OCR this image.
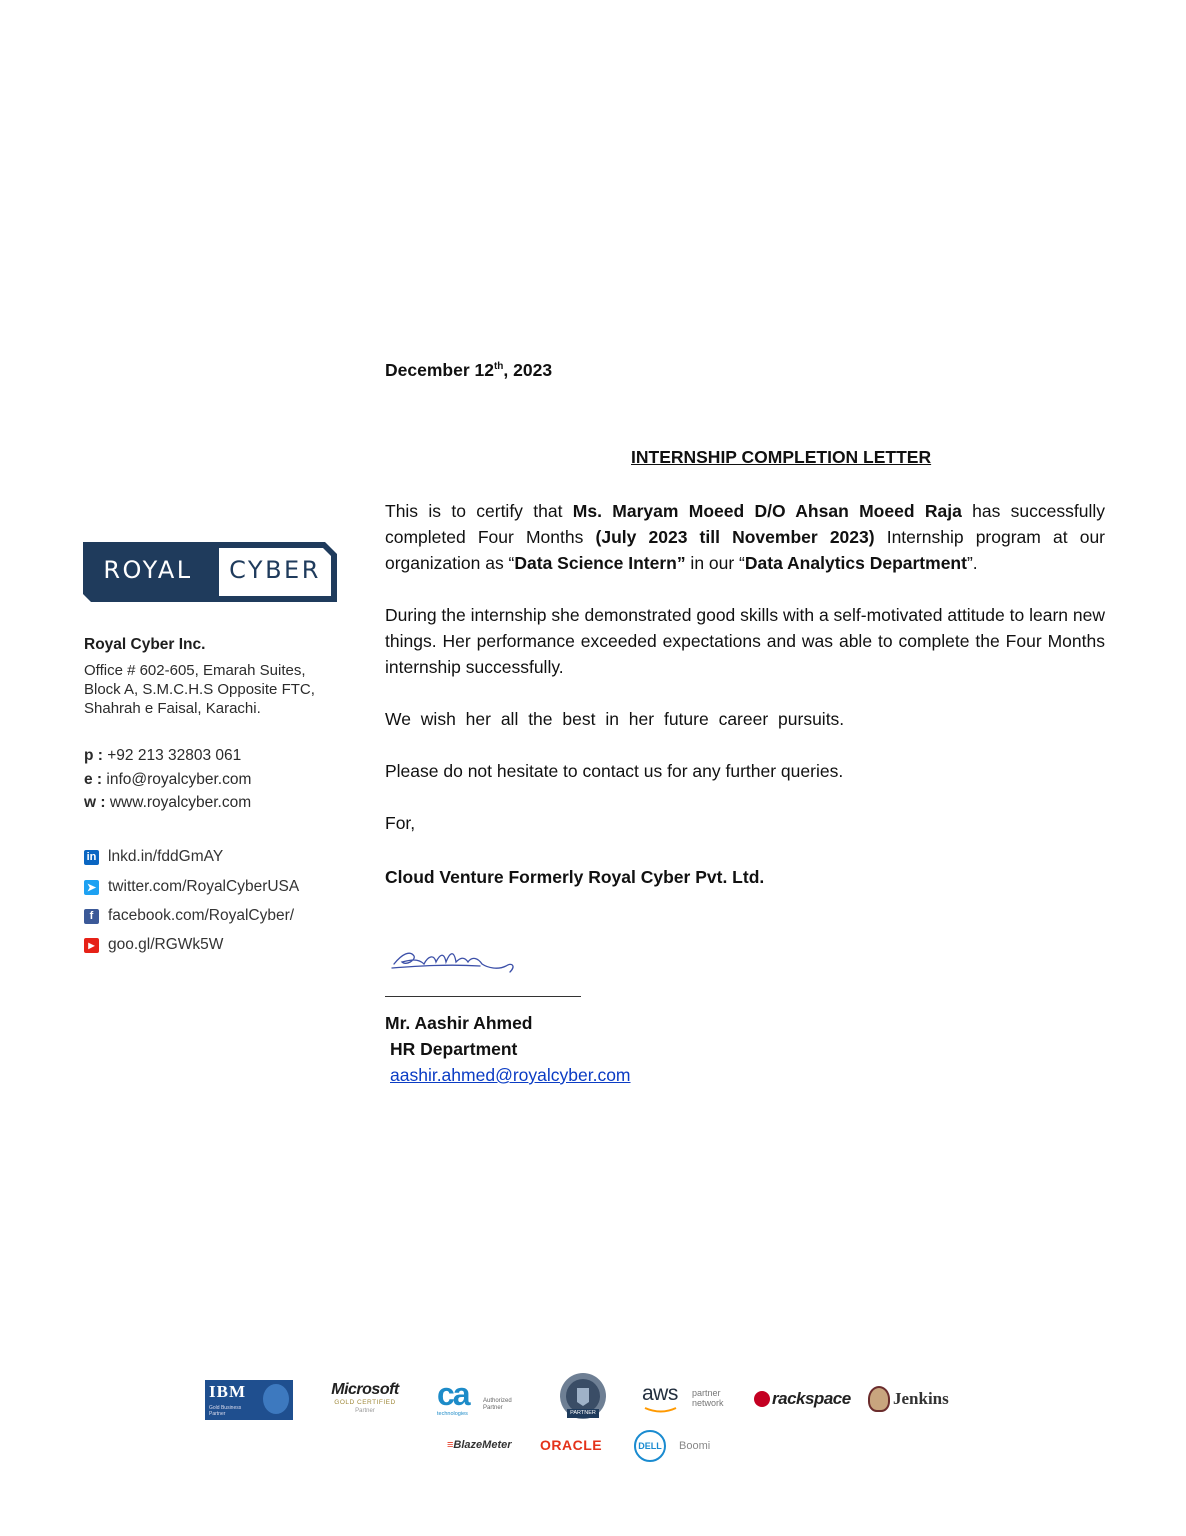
December 12th, 2023
INTERNSHIP COMPLETION LETTER
This is to certify that Ms. Maryam Moeed D/O Ahsan Moeed Raja has successfully completed Four Months (July 2023 till November 2023) Internship program at our organization as “Data Science Intern” in our “Data Analytics Department”.
During the internship she demonstrated good skills with a self-motivated attitude to learn new things. Her performance exceeded expectations and was able to complete the Four Months internship successfully.
We wish her all the best in her future career pursuits.
Please do not hesitate to contact us for any further queries.
For,
Cloud Venture Formerly Royal Cyber Pvt. Ltd.
Mr. Aashir Ahmed
HR Department
aashir.ahmed@royalcyber.com
ROYAL	CYBER
Royal Cyber Inc.
Office # 602-605, Emarah Suites,
Block A, S.M.C.H.S Opposite FTC,
Shahrah e Faisal, Karachi.
p : +92 213 32803 061
e : info@royalcyber.com
w : www.royalcyber.com
in lnkd.in/fddGmAY
➤ twitter.com/RoyalCyberUSA
f facebook.com/RoyalCyber/
▶ goo.gl/RGWk5W
IBM
Gold Business Partner
Microsoft
GOLD CERTIFIED
Partner	ca
technologies
Authorized Partner
PARTNER
aws partner network	rackspace Jenkins
≡BlazeMeter ORACLE	DELL Boomi
